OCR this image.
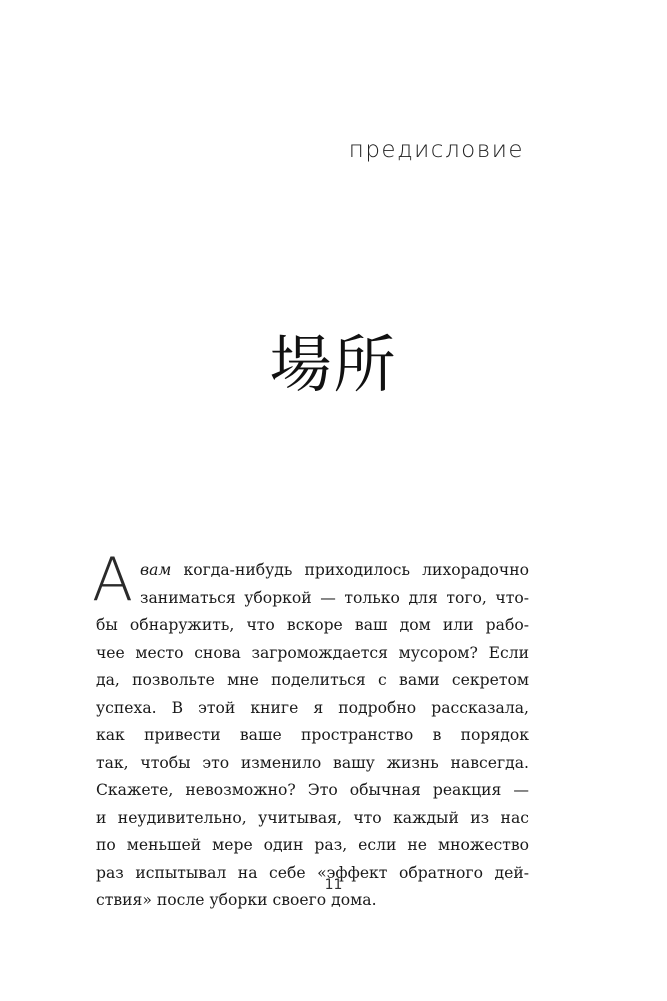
предисловие
場所
А вам когда-нибудь приходилось лихорадочно
заниматься уборкой — только для того, что-
бы обнаружить, что вскоре ваш дом или рабо-
чее место снова загромождается мусором? Если
да, позвольте мне поделиться с вами секретом
успеха. В этой книге я подробно рассказала,
как привести ваше пространство в порядок
так, чтобы это изменило вашу жизнь навсегда.
Скажете, невозможно? Это обычная реакция —
и неудивительно, учитывая, что каждый из нас
по меньшей мере один раз, если не множество
раз испытывал на себе «эффект обратного дей-
ствия» после уборки своего дома.
11
